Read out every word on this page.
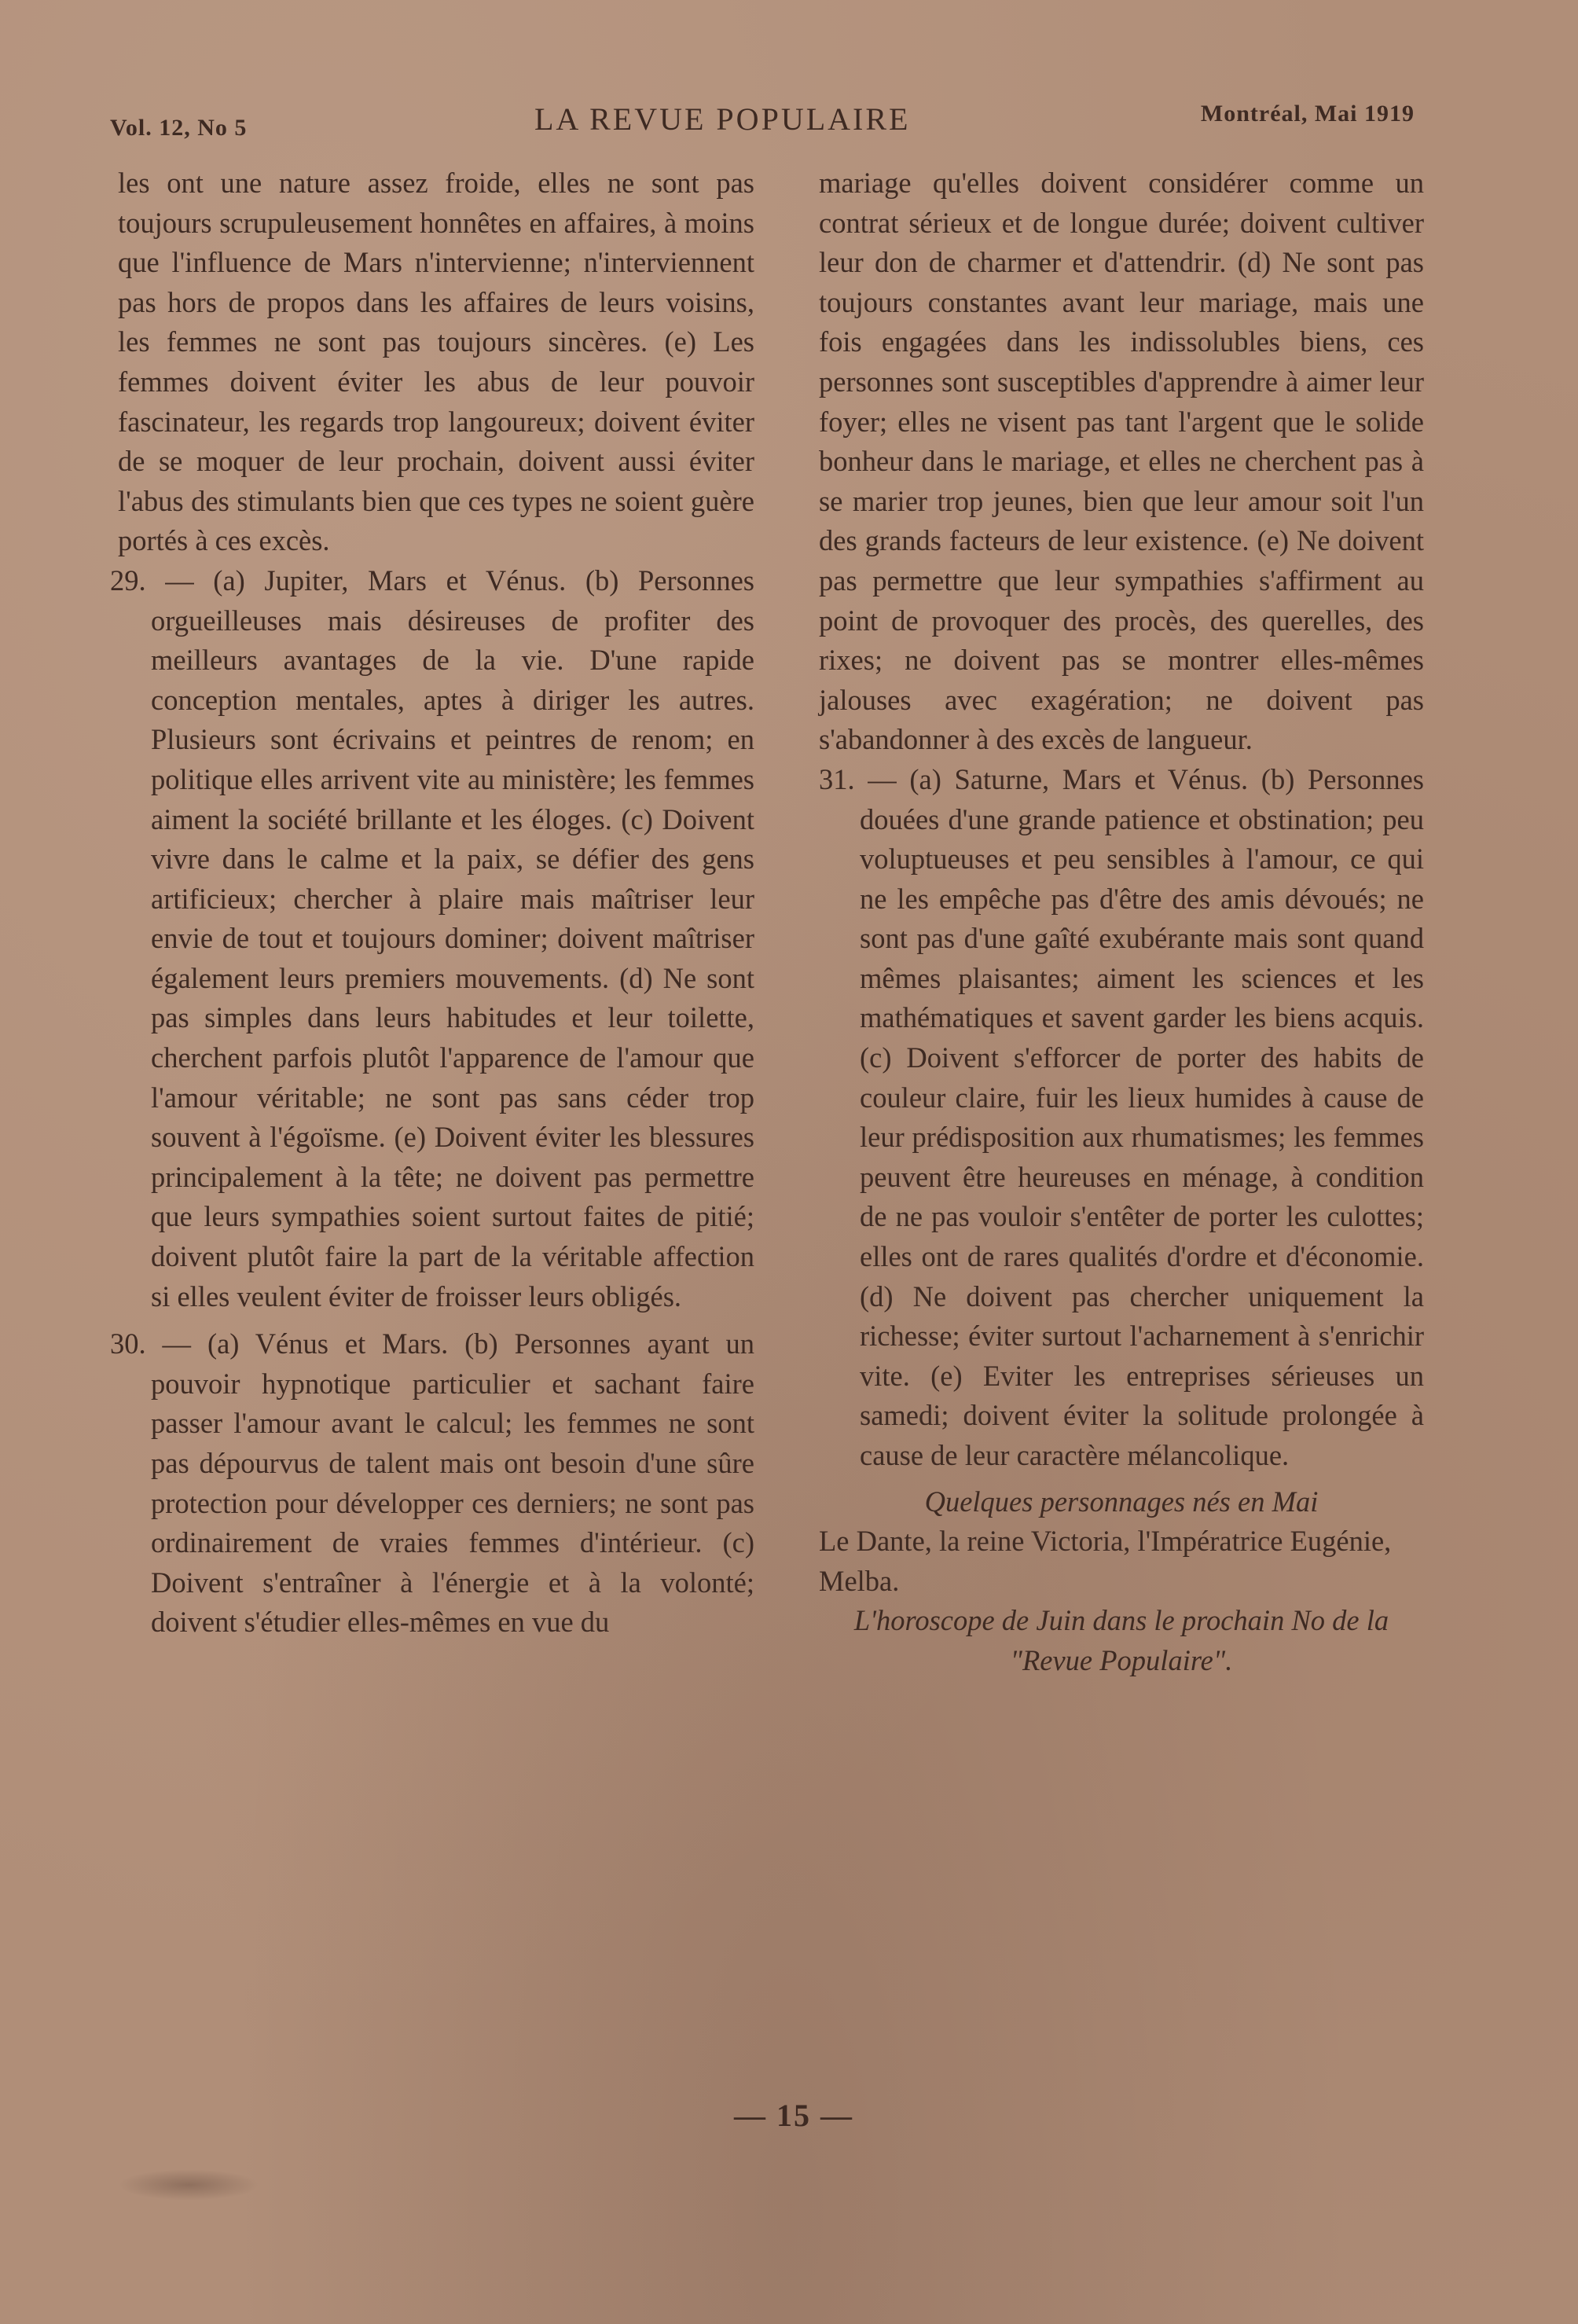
Vol. 12, No 5	LA REVUE POPULAIRE	Montréal, Mai 1919

les ont une nature assez froide, elles ne sont pas toujours scrupuleusement honnêtes en affaires, à moins que l'influence de Mars n'intervienne; n'interviennent pas hors de propos dans les affaires de leurs voisins, les femmes ne sont pas toujours sincères. (e) Les femmes doivent éviter les abus de leur pouvoir fascinateur, les regards trop langoureux; doivent éviter de se moquer de leur prochain, doivent aussi éviter l'abus des stimulants bien que ces types ne soient guère portés à ces excès.

29. — (a) Jupiter, Mars et Vénus. (b) Personnes orgueilleuses mais désireuses de profiter des meilleurs avantages de la vie. D'une rapide conception mentales, aptes à diriger les autres. Plusieurs sont écrivains et peintres de renom; en politique elles arrivent vite au ministère; les femmes aiment la société brillante et les éloges. (c) Doivent vivre dans le calme et la paix, se défier des gens artificieux; chercher à plaire mais maîtriser leur envie de tout et toujours dominer; doivent maîtriser également leurs premiers mouvements. (d) Ne sont pas simples dans leurs habitudes et leur toilette, cherchent parfois plutôt l'apparence de l'amour que l'amour véritable; ne sont pas sans céder trop souvent à l'égoïsme. (e) Doivent éviter les blessures principalement à la tête; ne doivent pas permettre que leurs sympathies soient surtout faites de pitié; doivent plutôt faire la part de la véritable affection si elles veulent éviter de froisser leurs obligés.

30. — (a) Vénus et Mars. (b) Personnes ayant un pouvoir hypnotique particulier et sachant faire passer l'amour avant le calcul; les femmes ne sont pas dépourvus de talent mais ont besoin d'une sûre protection pour développer ces derniers; ne sont pas ordinairement de vraies femmes d'intérieur. (c) Doivent s'entraîner à l'énergie et à la volonté; doivent s'étudier elles-mêmes en vue du

mariage qu'elles doivent considérer comme un contrat sérieux et de longue durée; doivent cultiver leur don de charmer et d'attendrir. (d) Ne sont pas toujours constantes avant leur mariage, mais une fois engagées dans les indissolubles biens, ces personnes sont susceptibles d'apprendre à aimer leur foyer; elles ne visent pas tant l'argent que le solide bonheur dans le mariage, et elles ne cherchent pas à se marier trop jeunes, bien que leur amour soit l'un des grands facteurs de leur existence. (e) Ne doivent pas permettre que leur sympathies s'affirment au point de provoquer des procès, des querelles, des rixes; ne doivent pas se montrer elles-mêmes jalouses avec exagération; ne doivent pas s'abandonner à des excès de langueur.

31. — (a) Saturne, Mars et Vénus. (b) Personnes douées d'une grande patience et obstination; peu voluptueuses et peu sensibles à l'amour, ce qui ne les empêche pas d'être des amis dévoués; ne sont pas d'une gaîté exubérante mais sont quand mêmes plaisantes; aiment les sciences et les mathématiques et savent garder les biens acquis. (c) Doivent s'efforcer de porter des habits de couleur claire, fuir les lieux humides à cause de leur prédisposition aux rhumatismes; les femmes peuvent être heureuses en ménage, à condition de ne pas vouloir s'entêter de porter les culottes; elles ont de rares qualités d'ordre et d'économie. (d) Ne doivent pas chercher uniquement la richesse; éviter surtout l'acharnement à s'enrichir vite. (e) Eviter les entreprises sérieuses un samedi; doivent éviter la solitude prolongée à cause de leur caractère mélancolique.

Quelques personnages nés en Mai
Le Dante, la reine Victoria, l'Impératrice Eugénie, Melba.
L'horoscope de Juin dans le prochain No de la "Revue Populaire".
— 15 —
